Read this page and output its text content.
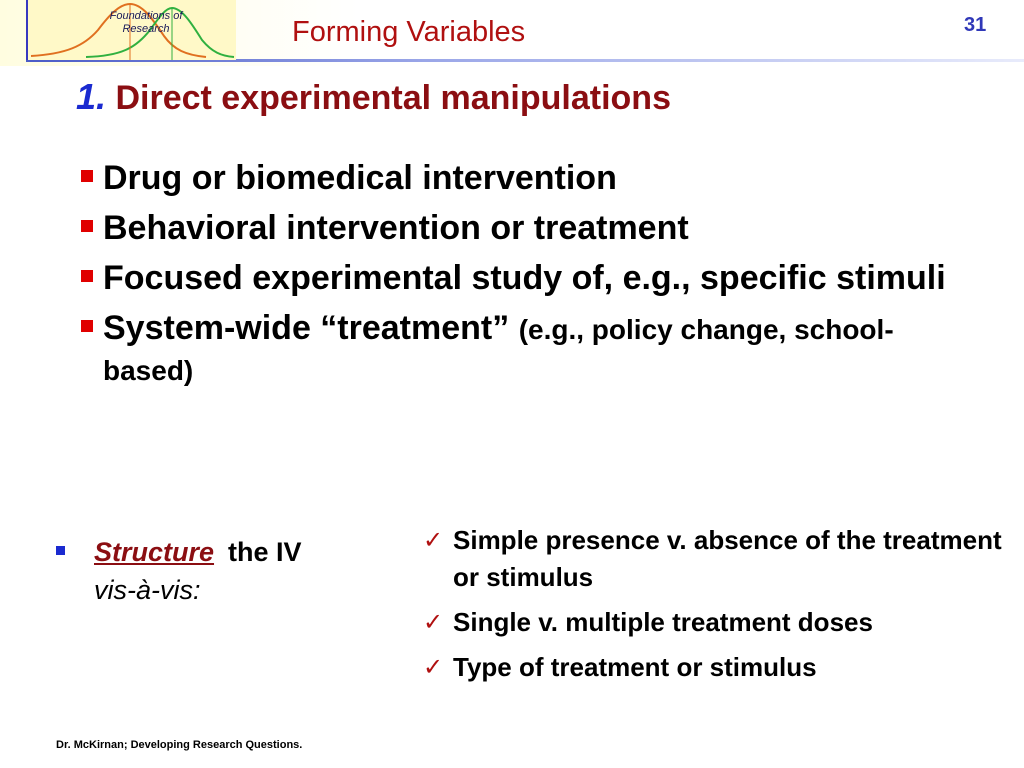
Foundations of
Research	Forming Variables	31
1. Direct experimental manipulations
Drug or biomedical intervention
Behavioral intervention or treatment
Focused experimental study of, e.g., specific stimuli
System-wide “treatment” (e.g., policy change, school-based)
Structure the IV
vis-à-vis:
✓ Simple presence v. absence of the treatment or stimulus
✓ Single v. multiple treatment doses
✓ Type of treatment or stimulus
Dr. McKirnan; Developing Research Questions.
